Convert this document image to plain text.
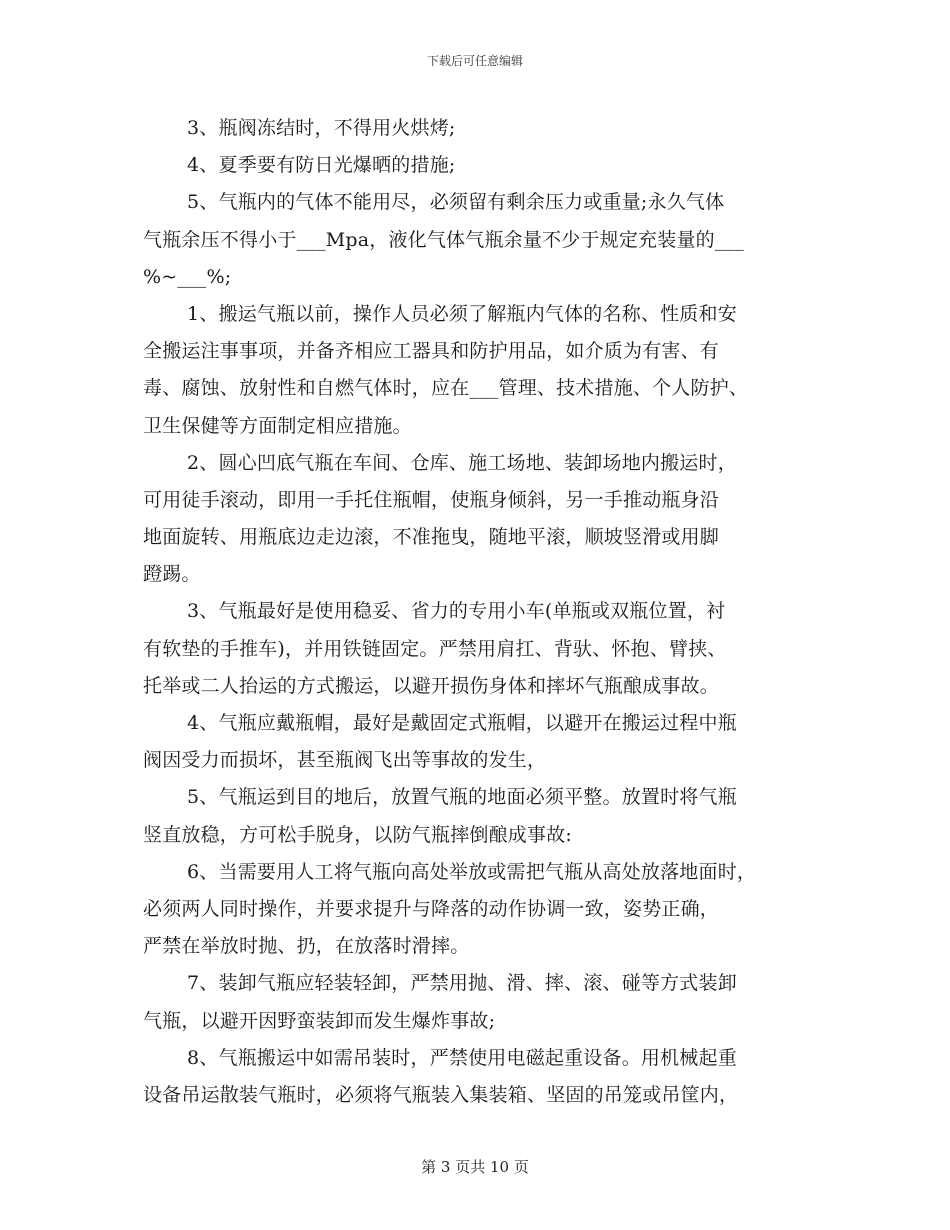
下载后可任意编辑
3、瓶阀冻结时，不得用火烘烤;
4、夏季要有防日光爆晒的措施;
5、气瓶内的气体不能用尽，必须留有剩余压力或重量;永久气体
气瓶余压不得小于___Mpa，液化气体气瓶余量不少于规定充装量的___
%~___%;
1、搬运气瓶以前，操作人员必须了解瓶内气体的名称、性质和安
全搬运注事事项，并备齐相应工器具和防护用品，如介质为有害、有
毒、腐蚀、放射性和自燃气体时，应在___管理、技术措施、个人防护、
卫生保健等方面制定相应措施。
2、圆心凹底气瓶在车间、仓库、施工场地、装卸场地内搬运时，
可用徒手滚动，即用一手托住瓶帽，使瓶身倾斜，另一手推动瓶身沿
地面旋转、用瓶底边走边滚，不准拖曳，随地平滚，顺坡竖滑或用脚
蹬踢。
3、气瓶最好是使用稳妥、省力的专用小车(单瓶或双瓶位置，衬
有软垫的手推车)，并用铁链固定。严禁用肩扛、背驮、怀抱、臂挟、
托举或二人抬运的方式搬运，以避开损伤身体和摔坏气瓶酿成事故。
4、气瓶应戴瓶帽，最好是戴固定式瓶帽，以避开在搬运过程中瓶
阀因受力而损坏，甚至瓶阀飞出等事故的发生，
5、气瓶运到目的地后，放置气瓶的地面必须平整。放置时将气瓶
竖直放稳，方可松手脱身，以防气瓶摔倒酿成事故:
6、当需要用人工将气瓶向高处举放或需把气瓶从高处放落地面时，
必须两人同时操作，并要求提升与降落的动作协调一致，姿势正确，
严禁在举放时抛、扔，在放落时滑摔。
7、装卸气瓶应轻装轻卸，严禁用抛、滑、摔、滚、碰等方式装卸
气瓶，以避开因野蛮装卸而发生爆炸事故;
8、气瓶搬运中如需吊装时，严禁使用电磁起重设备。用机械起重
设备吊运散装气瓶时，必须将气瓶装入集装箱、坚固的吊笼或吊筐内，
第 3 页共 10 页
